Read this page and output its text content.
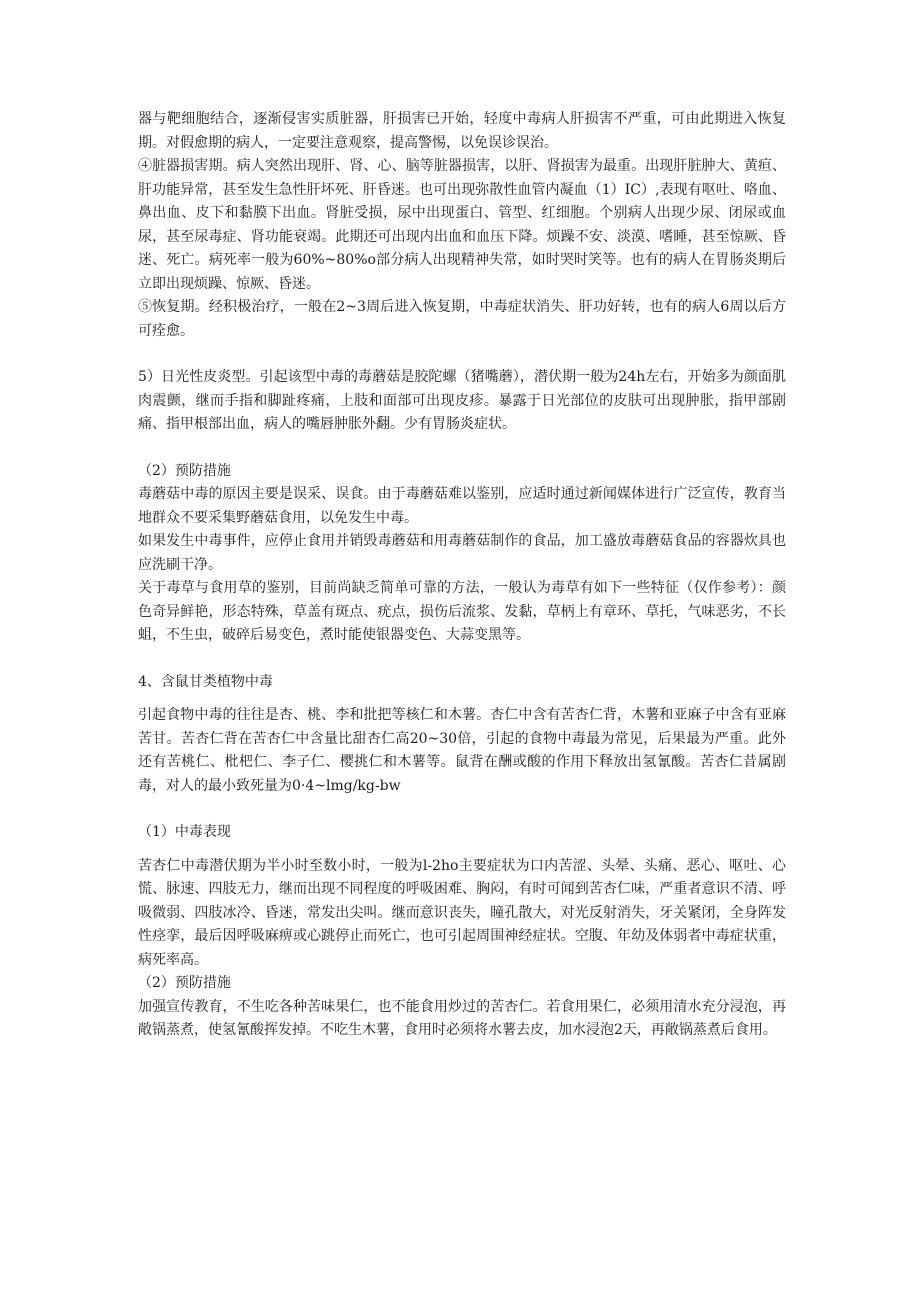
器与靶细胞结合，逐渐侵害实质脏器，肝损害已开始，轻度中毒病人肝损害不严重，可由此期进入恢复期。对假愈期的病人，一定要注意观察，提高警惕，以免误诊误治。

④脏器损害期。病人突然出现肝、肾、心、脑等脏器损害，以肝、肾损害为最重。出现肝脏肿大、黄疸、肝功能异常，甚至发生急性肝坏死、肝昏迷。也可出现弥散性血管内凝血（1）IC）,表现有呕吐、咯血、鼻出血、皮下和黏膜下出血。肾脏受损，尿中出现蛋白、管型、红细胞。个别病人出现少尿、闭尿或血尿，甚至尿毒症、肾功能衰竭。此期还可出现内出血和血压下降。烦躁不安、淡漠、嗜睡，甚至惊厥、昏迷、死亡。病死率一般为60%~80%o部分病人出现精神失常，如时哭时笑等。也有的病人在胃肠炎期后立即出现烦躁、惊厥、昏迷。

⑤恢复期。经积极治疗，一般在2~3周后进入恢复期，中毒症状消失、肝功好转，也有的病人6周以后方可痊愈。

5）日光性皮炎型。引起该型中毒的毒蘑菇是胶陀螺（猪嘴蘑），潜伏期一般为24h左右，开始多为颜面肌肉震颤，继而手指和脚趾疼痛，上肢和面部可出现皮疹。暴露于日光部位的皮肤可出现肿胀，指甲部剧痛、指甲根部出血，病人的嘴唇肿胀外翻。少有胃肠炎症状。

（2）预防措施

毒蘑菇中毒的原因主要是误采、误食。由于毒蘑菇难以鉴别，应适时通过新闻媒体进行广泛宣传，教育当地群众不要采集野蘑菇食用，以免发生中毒。

如果发生中毒事件，应停止食用并销毁毒蘑菇和用毒蘑菇制作的食品，加工盛放毒蘑菇食品的容器炊具也应洗刷干净。

关于毒草与食用草的鉴别，目前尚缺乏简单可靠的方法，一般认为毒草有如下一些特征（仅作参考）：颜色奇异鲜艳，形态特殊，草盖有斑点、疣点，损伤后流浆、发黏，草柄上有章环、草托，气味恶劣，不长蛆，不生虫，破碎后易变色，煮时能使银器变色、大蒜变黑等。

4、含鼠甘类植物中毒

引起食物中毒的往往是杏、桃、李和批把等核仁和木薯。杏仁中含有苦杏仁背，木薯和亚麻子中含有亚麻苦甘。苦杏仁背在苦杏仁中含量比甜杏仁高20~30倍，引起的食物中毒最为常见，后果最为严重。此外还有苦桃仁、枇杷仁、李子仁、樱挑仁和木薯等。鼠背在酬或酸的作用下释放出氢氰酸。苦杏仁昔属剧毒，对人的最小致死量为0·4~lmg∕kg-bw

（1）中毒表现

苦杏仁中毒潜伏期为半小时至数小时，一般为l-2ho主要症状为口内苦涩、头晕、头痛、恶心、呕吐、心慌、脉速、四肢无力，继而出现不同程度的呼吸困难、胸闷，有时可闻到苦杏仁味，严重者意识不清、呼吸微弱、四肢冰冷、昏迷，常发出尖叫。继而意识丧失，瞳孔散大，对光反射消失，牙关紧闭，全身阵发性痉挛，最后因呼吸麻痹或心跳停止而死亡，也可引起周围神经症状。空腹、年幼及体弱者中毒症状重，病死率高。

（2）预防措施

加强宣传教育，不生吃各种苦味果仁，也不能食用炒过的苦杏仁。若食用果仁，必须用清水充分浸泡，再敞锅蒸煮，使氢氰酸挥发掉。不吃生木薯，食用时必须将水薯去皮，加水浸泡2天，再敞锅蒸煮后食用。
